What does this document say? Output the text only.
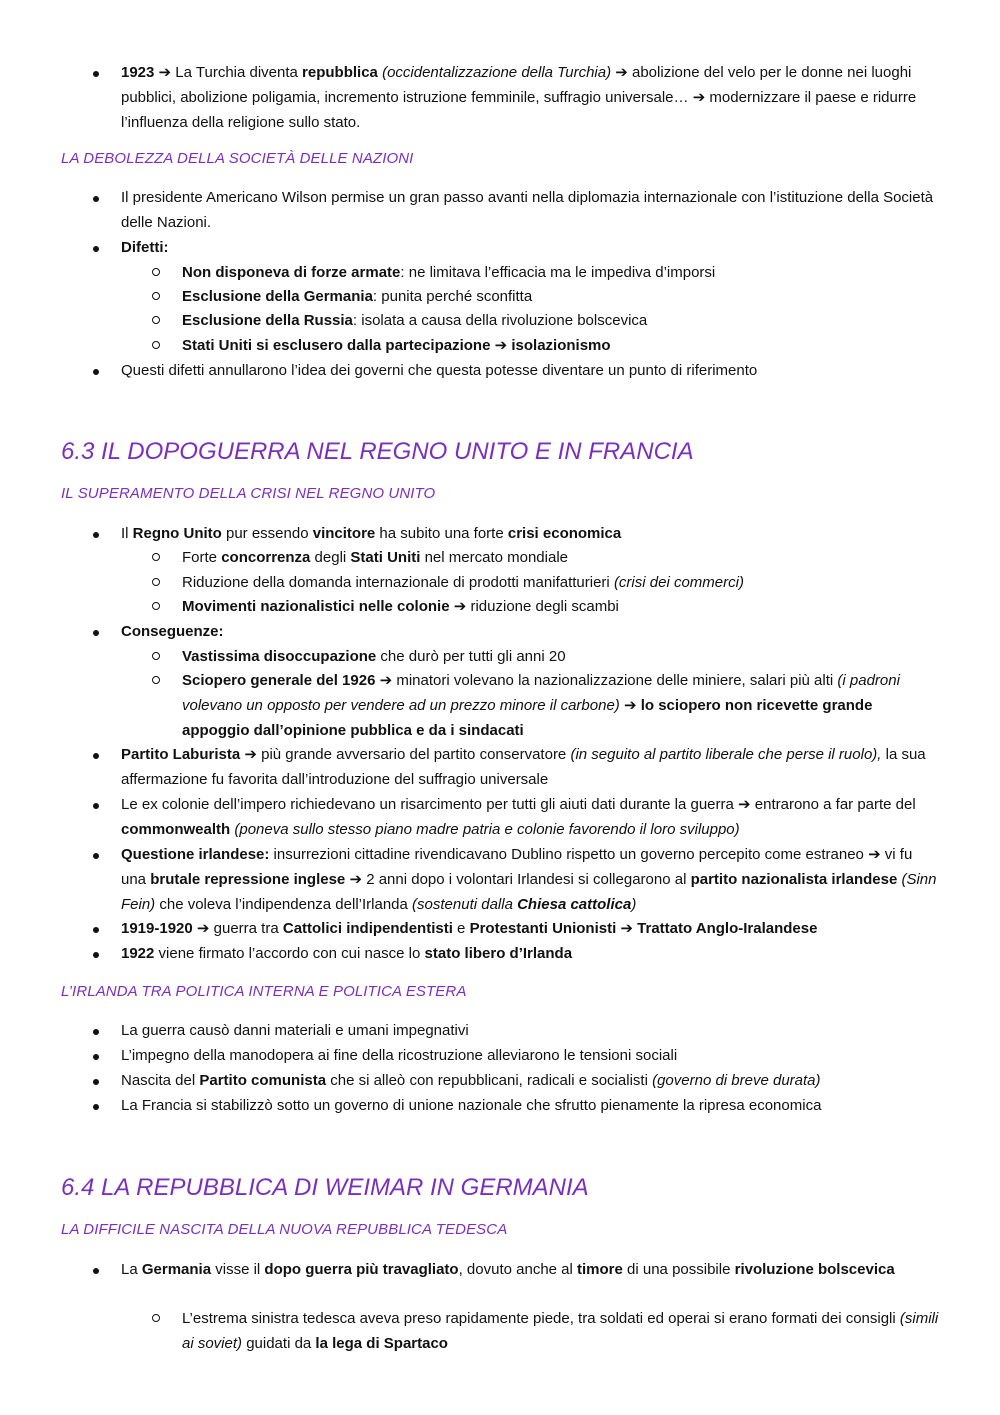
1923 ➔ La Turchia diventa repubblica (occidentalizzazione della Turchia) ➔ abolizione del velo per le donne nei luoghi pubblici, abolizione poligamia, incremento istruzione femminile, suffragio universale… ➔ modernizzare il paese e ridurre l’influenza della religione sullo stato.
LA DEBOLEZZA DELLA SOCIETÀ DELLE NAZIONI
Il presidente Americano Wilson permise un gran passo avanti nella diplomazia internazionale con l’istituzione della Società delle Nazioni.
Difetti:
Non disponeva di forze armate: ne limitava l’efficacia ma le impediva d’imporsi
Esclusione della Germania: punita perché sconfitta
Esclusione della Russia: isolata a causa della rivoluzione bolscevica
Stati Uniti si esclusero dalla partecipazione ➔ isolazionismo
Questi difetti annullarono l’idea dei governi che questa potesse diventare un punto di riferimento
6.3 IL DOPOGUERRA NEL REGNO UNITO E IN FRANCIA
IL SUPERAMENTO DELLA CRISI NEL REGNO UNITO
Il Regno Unito pur essendo vincitore ha subito una forte crisi economica
Forte concorrenza degli Stati Uniti nel mercato mondiale
Riduzione della domanda internazionale di prodotti manifatturieri (crisi dei commerci)
Movimenti nazionalistici nelle colonie ➔ riduzione degli scambi
Conseguenze:
Vastissima disoccupazione che durò per tutti gli anni 20
Sciopero generale del 1926 ➔ minatori volevano la nazionalizzazione delle miniere, salari più alti (i padroni volevano un opposto per vendere ad un prezzo minore il carbone) ➔ lo sciopero non ricevette grande appoggio dall’opinione pubblica e da i sindacati
Partito Laburista ➔ più grande avversario del partito conservatore (in seguito al partito liberale che perse il ruolo), la sua affermazione fu favorita dall’introduzione del suffragio universale
Le ex colonie dell’impero richiedevano un risarcimento per tutti gli aiuti dati durante la guerra ➔ entrarono a far parte del commonwealth (poneva sullo stesso piano madre patria e colonie favorendo il loro sviluppo)
Questione irlandese: insurrezioni cittadine rivendicavano Dublino rispetto un governo percepito come estraneo ➔ vi fu una brutale repressione inglese ➔ 2 anni dopo i volontari Irlandesi si collegarono al partito nazionalista irlandese (Sinn Fein) che voleva l’indipendenza dell’Irlanda (sostenuti dalla Chiesa cattolica)
1919-1920 ➔ guerra tra Cattolici indipendentisti e Protestanti Unionisti ➔ Trattato Anglo-Iralandese
1922 viene firmato l’accordo con cui nasce lo stato libero d’Irlanda
L’IRLANDA TRA POLITICA INTERNA E POLITICA ESTERA
La guerra causò danni materiali e umani impegnativi
L’impegno della manodopera ai fine della ricostruzione alleviarono le tensioni sociali
Nascita del Partito comunista che si alleò con repubblicani, radicali e socialisti (governo di breve durata)
La Francia si stabilizzò sotto un governo di unione nazionale che sfrutto pienamente la ripresa economica
6.4 LA REPUBBLICA DI WEIMAR IN GERMANIA
LA DIFFICILE NASCITA DELLA NUOVA REPUBBLICA TEDESCA
La Germania visse il dopo guerra più travagliato, dovuto anche al timore di una possibile rivoluzione bolscevica
L’estrema sinistra tedesca aveva preso rapidamente piede, tra soldati ed operai si erano formati dei consigli (simili ai soviet) guidati da la lega di Spartaco
